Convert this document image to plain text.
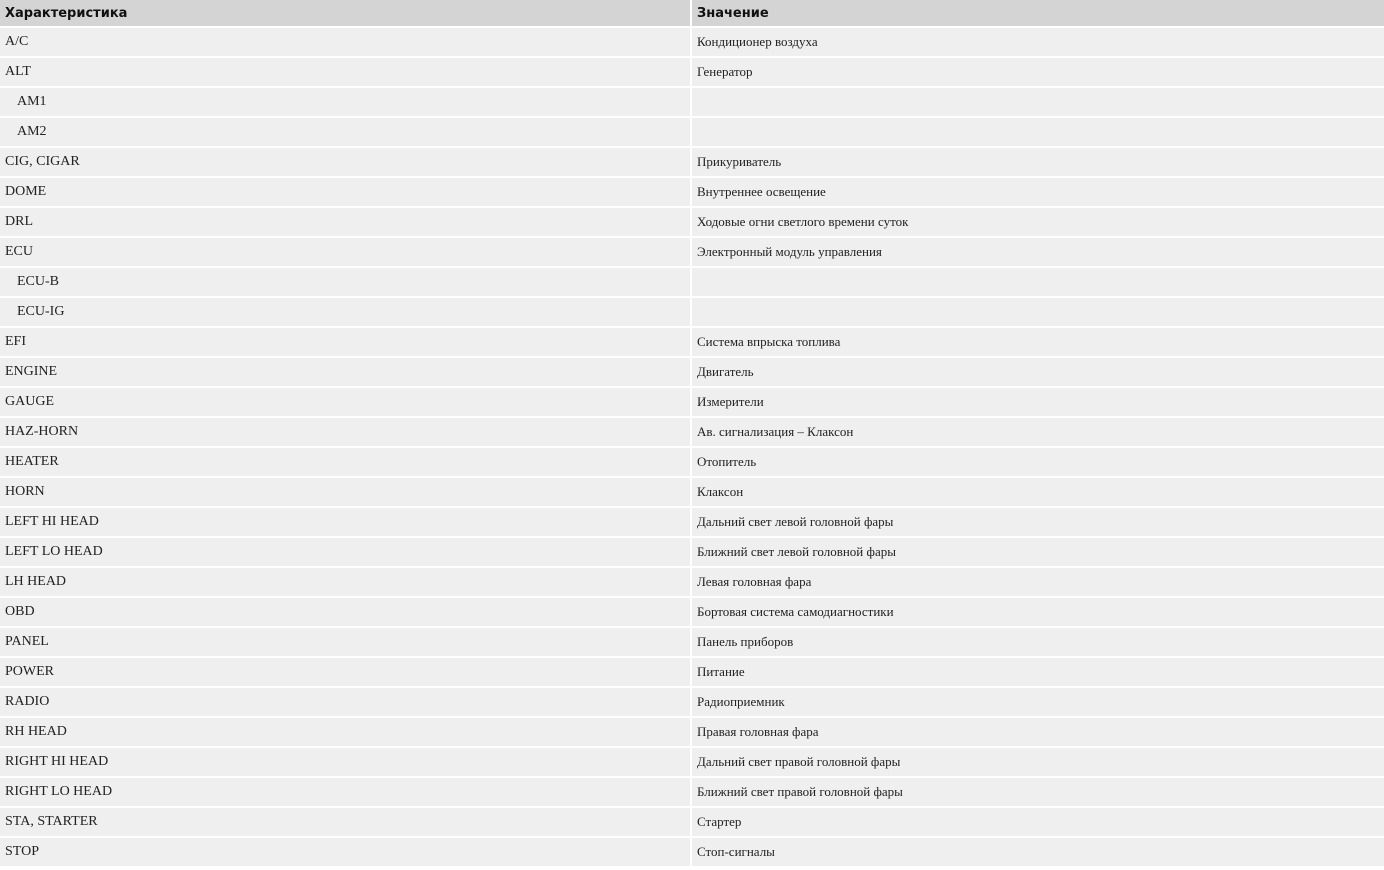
Характеристика	Значение
A/C	Кондиционер воздуха
ALT	Генератор
AM1	
AM2	
CIG, CIGAR	Прикуриватель
DOME	Внутреннее освещение
DRL	Ходовые огни светлого времени суток
ECU	Электронный модуль управления
ECU-B	
ECU-IG	
EFI	Система впрыска топлива
ENGINE	Двигатель
GAUGE	Измерители
HAZ-HORN	Ав. сигнализация – Клаксон
HEATER	Отопитель
HORN	Клаксон
LEFT HI HEAD	Дальний свет левой головной фары
LEFT LO HEAD	Ближний свет левой головной фары
LH HEAD	Левая головная фара
OBD	Бортовая система самодиагностики
PANEL	Панель приборов
POWER	Питание
RADIO	Радиоприемник
RH HEAD	Правая головная фара
RIGHT HI HEAD	Дальний свет правой головной фары
RIGHT LO HEAD	Ближний свет правой головной фары
STA, STARTER	Стартер
STOP	Стоп-сигналы
